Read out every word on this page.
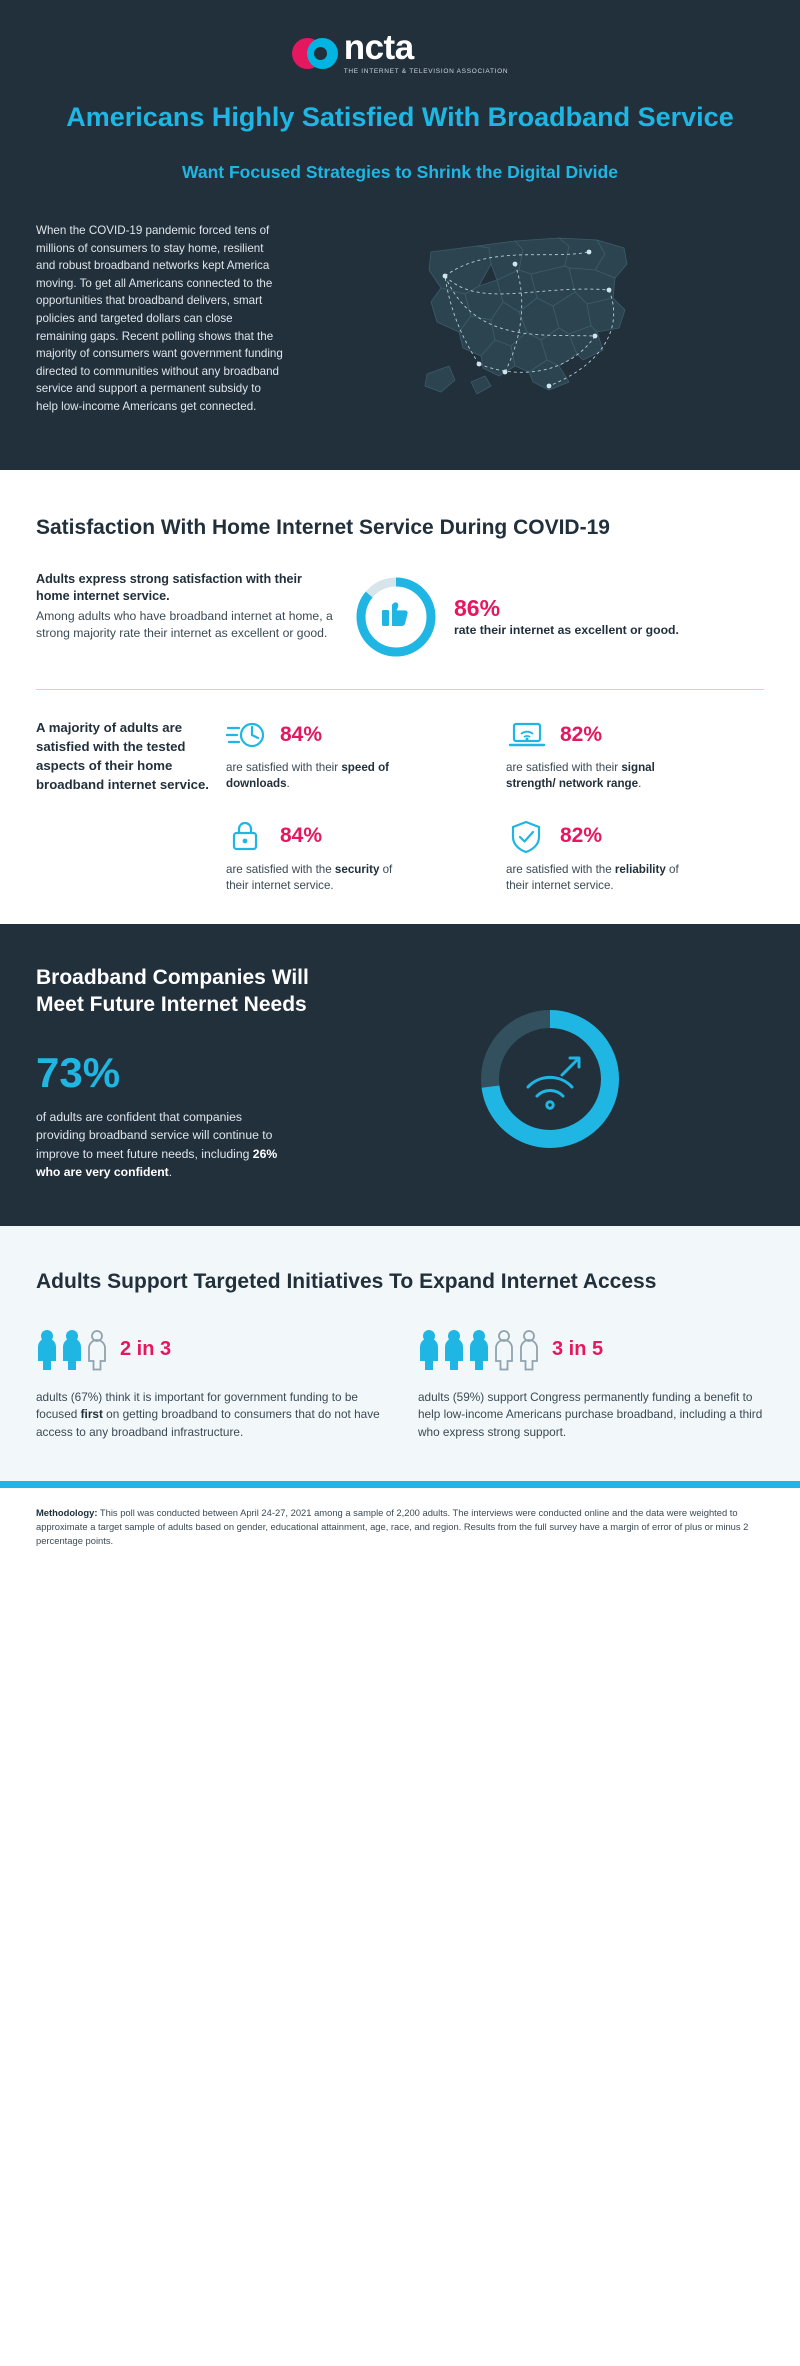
ncta
THE INTERNET & TELEVISION ASSOCIATION
Americans Highly Satisfied With Broadband Service
Want Focused Strategies to Shrink the Digital Divide
When the COVID-19 pandemic forced tens of millions of consumers to stay home, resilient and robust broadband networks kept America moving. To get all Americans connected to the opportunities that broadband delivers, smart policies and targeted dollars can close remaining gaps. Recent polling shows that the majority of consumers want government funding directed to communities without any broadband service and support a permanent subsidy to help low-income Americans get connected.
Satisfaction With Home Internet Service During COVID-19
Adults express strong satisfaction with their home internet service.
Among adults who have broadband internet at home, a strong majority rate their internet as excellent or good.
86%
rate their internet as excellent or good.
A majority of adults are satisfied with the tested aspects of their home broadband internet service.
84%
are satisfied with their speed of downloads.
82%
are satisfied with their signal strength/ network range.
84%
are satisfied with the security of their internet service.
82%
are satisfied with the reliability of their internet service.
Broadband Companies Will Meet Future Internet Needs
73%
of adults are confident that companies providing broadband service will continue to improve to meet future needs, including 26% who are very confident.
Adults Support Targeted Initiatives To Expand Internet Access
2 in 3
adults (67%) think it is important for government funding to be focused first on getting broadband to consumers that do not have access to any broadband infrastructure.
3 in 5
adults (59%) support Congress permanently funding a benefit to help low-income Americans purchase broadband, including a third who express strong support.

Methodology: This poll was conducted between April 24-27, 2021 among a sample of 2,200 adults. The interviews were conducted online and the data were weighted to approximate a target sample of adults based on gender, educational attainment, age, race, and region. Results from the full survey have a margin of error of plus or minus 2 percentage points.
